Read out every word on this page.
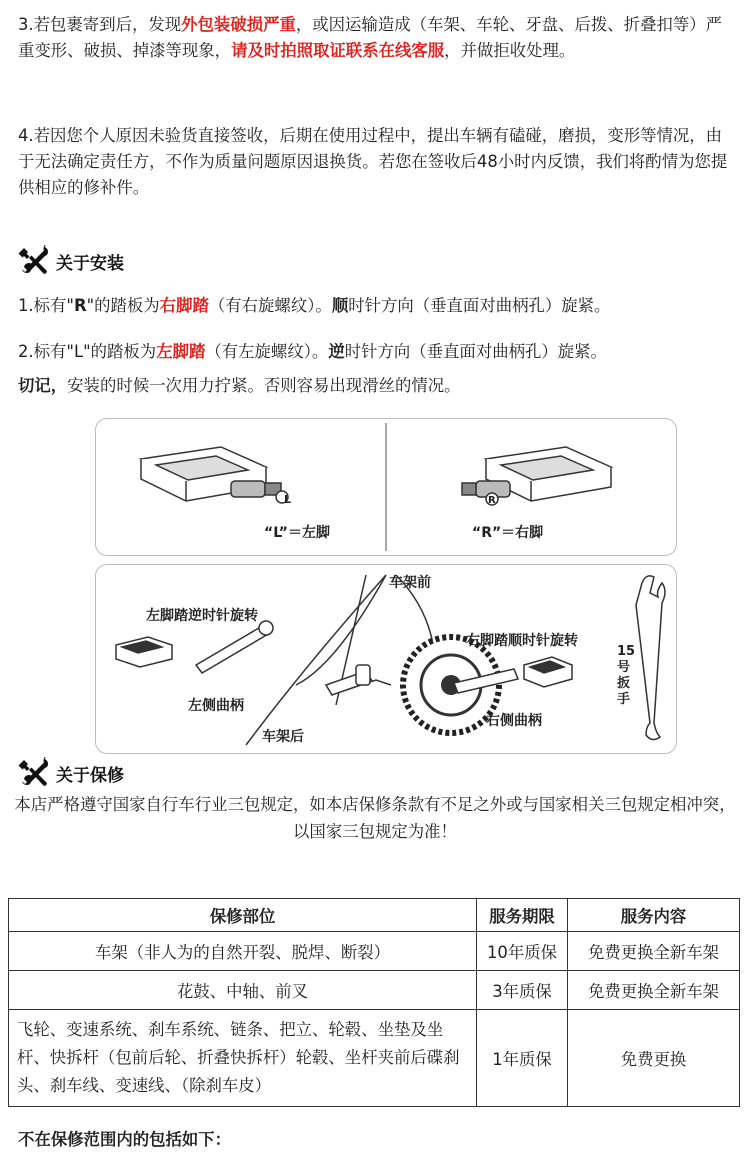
3.若包裹寄到后，发现外包装破损严重，或因运输造成（车架、车轮、牙盘、后拨、折叠扣等）严重变形、破损、掉漆等现象，请及时拍照取证联系在线客服，并做拒收处理。

4.若因您个人原因未验货直接签收，后期在使用过程中，提出车辆有磕碰，磨损，变形等情况，由于无法确定责任方，不作为质量问题原因退换货。若您在签收后48小时内反馈，我们将酌情为您提供相应的修补件。

关于安装

1.标有"R"的踏板为右脚踏（有右旋螺纹）。顺时针方向（垂直面对曲柄孔）旋紧。

2.标有"L"的踏板为左脚踏（有左旋螺纹）。逆时针方向（垂直面对曲柄孔）旋紧。

切记，安装的时候一次用力拧紧。否则容易出现滑丝的情况。

L
“L”＝左脚
R
“R”＝右脚
车架前
左脚踏逆时针旋转
右脚踏顺时针旋转
左侧曲柄
右侧曲柄
车架后
15
号
扳
手
关于保修
本店严格遵守国家自行车行业三包规定，如本店保修条款有不足之外或与国家相关三包规定相冲突，以国家三包规定为准！
保修部位	服务期限	服务内容
车架（非人为的自然开裂、脱焊、断裂）	10年质保	免费更换全新车架
花鼓、中轴、前叉	3年质保	免费更换全新车架
飞轮、变速系统、刹车系统、链条、把立、轮毂、坐垫及坐杆、快拆杆（包前后轮、折叠快拆杆）轮毂、坐杆夹前后碟刹头、刹车线、变速线、（除刹车皮）	1年质保	免费更换
不在保修范围内的包括如下：
